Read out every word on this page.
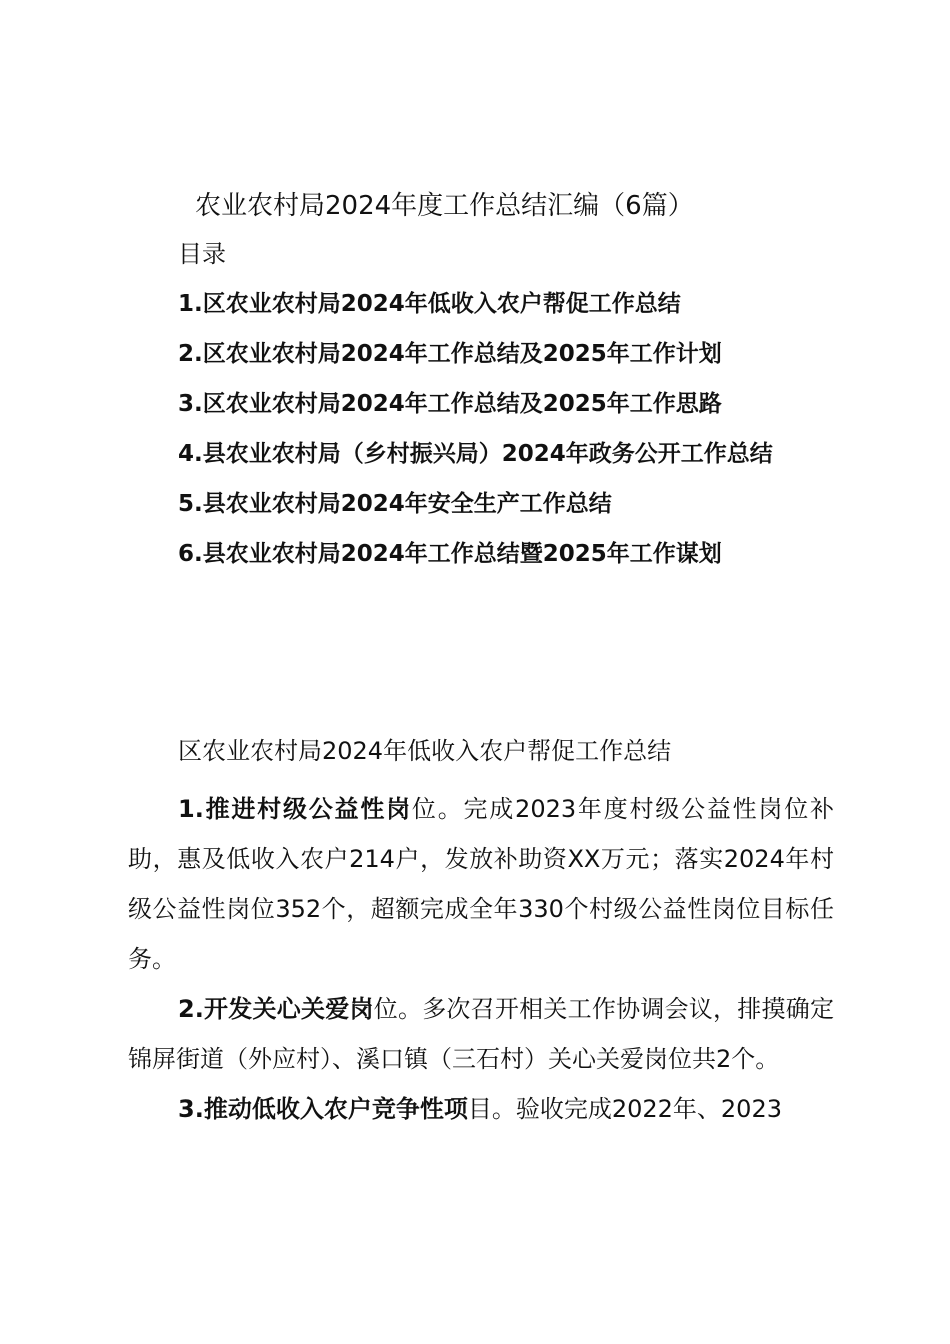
农业农村局2024年度工作总结汇编（6篇）
目录
1.区农业农村局2024年低收入农户帮促工作总结
2.区农业农村局2024年工作总结及2025年工作计划
3.区农业农村局2024年工作总结及2025年工作思路
4.县农业农村局（乡村振兴局）2024年政务公开工作总结
5.县农业农村局2024年安全生产工作总结
6.县农业农村局2024年工作总结暨2025年工作谋划
区农业农村局2024年低收入农户帮促工作总结

1.推进村级公益性岗位。完成2023年度村级公益性岗位补助，惠及低收入农户214户，发放补助资XX万元；落实2024年村级公益性岗位352个，超额完成全年330个村级公益性岗位目标任务。

2.开发关心关爱岗位。多次召开相关工作协调会议，排摸确定锦屏街道（外应村）、溪口镇（三石村）关心关爱岗位共2个。

3.推动低收入农户竞争性项目。验收完成2022年、2023
